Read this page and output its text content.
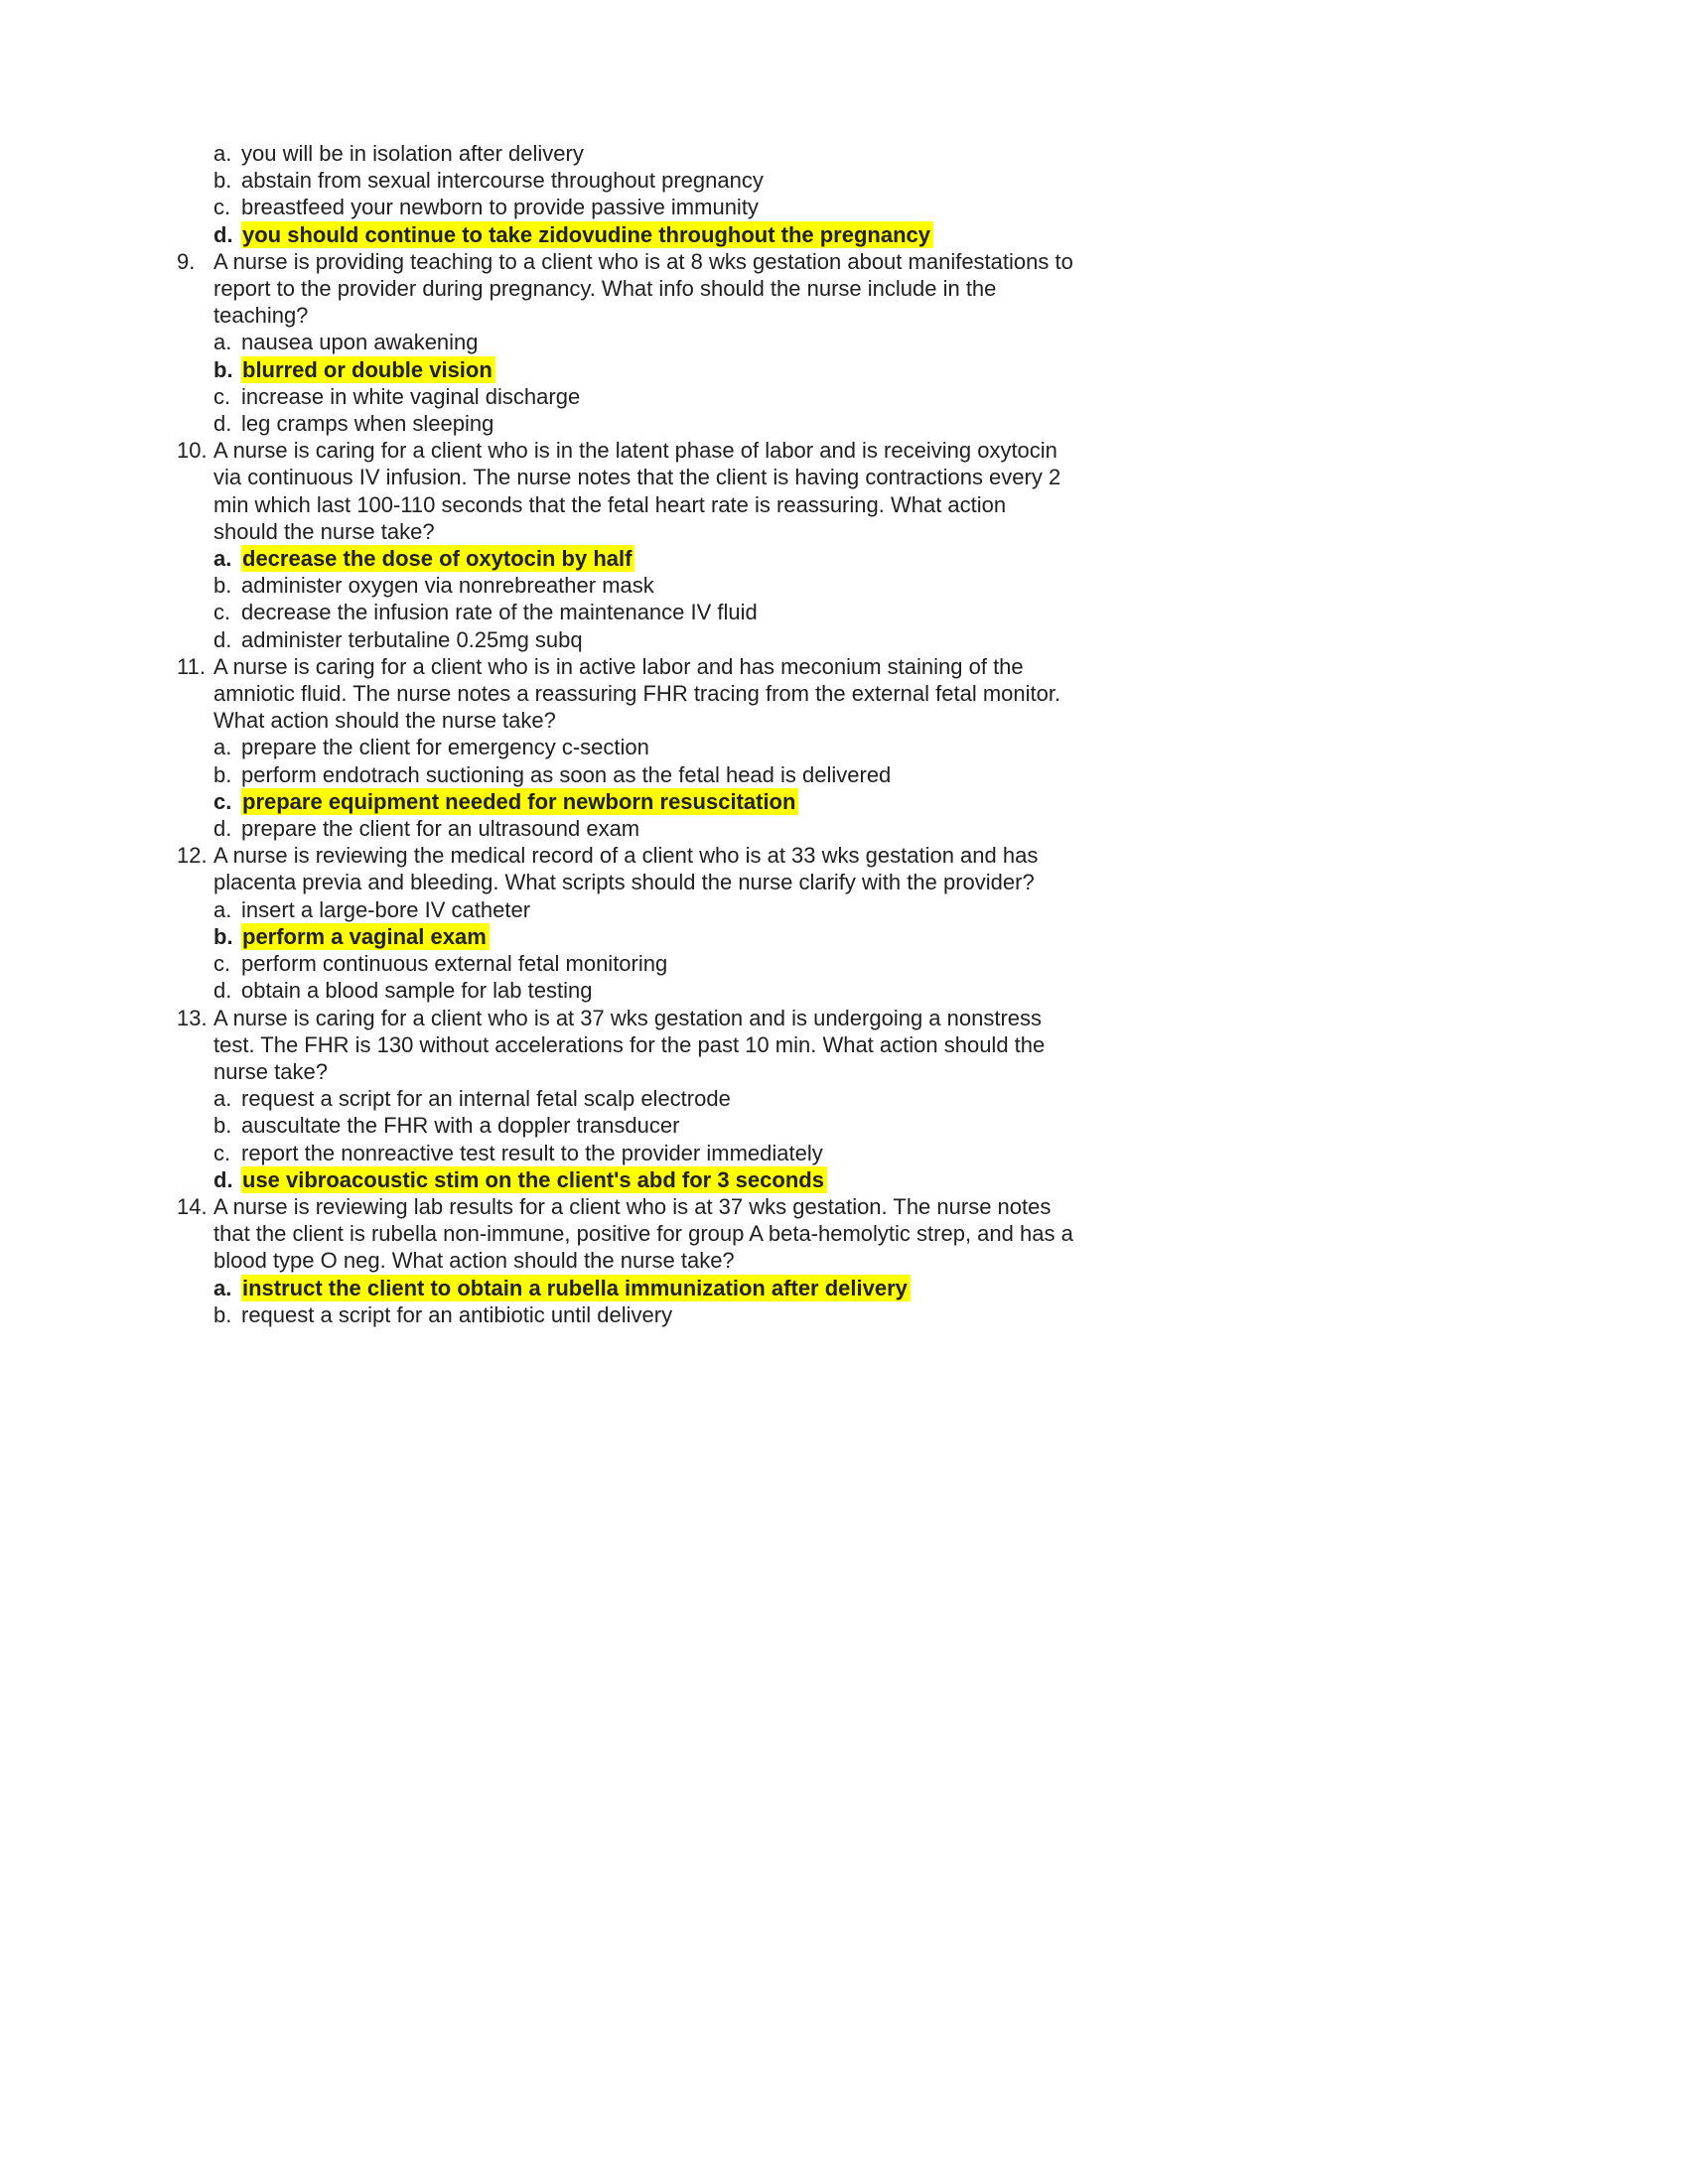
a. you will be in isolation after delivery
b. abstain from sexual intercourse throughout pregnancy
c. breastfeed your newborn to provide passive immunity
d. you should continue to take zidovudine throughout the pregnancy
9. A nurse is providing teaching to a client who is at 8 wks gestation about manifestations to report to the provider during pregnancy. What info should the nurse include in the teaching?
a. nausea upon awakening
b. blurred or double vision
c. increase in white vaginal discharge
d. leg cramps when sleeping
10. A nurse is caring for a client who is in the latent phase of labor and is receiving oxytocin via continuous IV infusion. The nurse notes that the client is having contractions every 2 min which last 100-110 seconds that the fetal heart rate is reassuring. What action should the nurse take?
a. decrease the dose of oxytocin by half
b. administer oxygen via nonrebreather mask
c. decrease the infusion rate of the maintenance IV fluid
d. administer terbutaline 0.25mg subq
11. A nurse is caring for a client who is in active labor and has meconium staining of the amniotic fluid. The nurse notes a reassuring FHR tracing from the external fetal monitor. What action should the nurse take?
a. prepare the client for emergency c-section
b. perform endotrach suctioning as soon as the fetal head is delivered
c. prepare equipment needed for newborn resuscitation
d. prepare the client for an ultrasound exam
12. A nurse is reviewing the medical record of a client who is at 33 wks gestation and has placenta previa and bleeding. What scripts should the nurse clarify with the provider?
a. insert a large-bore IV catheter
b. perform a vaginal exam
c. perform continuous external fetal monitoring
d. obtain a blood sample for lab testing
13. A nurse is caring for a client who is at 37 wks gestation and is undergoing a nonstress test. The FHR is 130 without accelerations for the past 10 min. What action should the nurse take?
a. request a script for an internal fetal scalp electrode
b. auscultate the FHR with a doppler transducer
c. report the nonreactive test result to the provider immediately
d. use vibroacoustic stim on the client's abd for 3 seconds
14. A nurse is reviewing lab results for a client who is at 37 wks gestation. The nurse notes that the client is rubella non-immune, positive for group A beta-hemolytic strep, and has a blood type O neg. What action should the nurse take?
a. instruct the client to obtain a rubella immunization after delivery
b. request a script for an antibiotic until delivery
